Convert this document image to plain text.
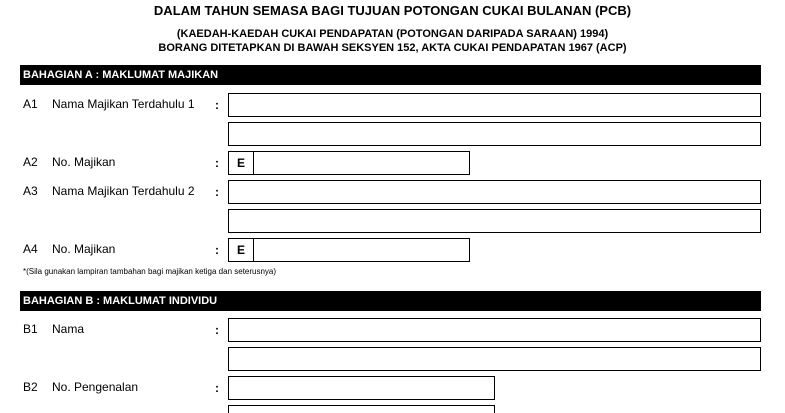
DALAM TAHUN SEMASA BAGI TUJUAN POTONGAN CUKAI BULANAN (PCB)
(KAEDAH-KAEDAH CUKAI PENDAPATAN (POTONGAN DARIPADA SARAAN) 1994)
BORANG DITETAPKAN DI BAWAH SEKSYEN 152, AKTA CUKAI PENDAPATAN 1967 (ACP)
BAHAGIAN A : MAKLUMAT MAJIKAN
A1 Nama Majikan Terdahulu 1 :
A2 No. Majikan	:	E
A3 Nama Majikan Terdahulu 2 :
A4 No. Majikan	:	E
*(Sila gunakan lampiran tambahan bagi majikan ketiga dan seterusnya)
BAHAGIAN B : MAKLUMAT INDIVIDU
B1 Nama	:
B2 No. Pengenalan	:
